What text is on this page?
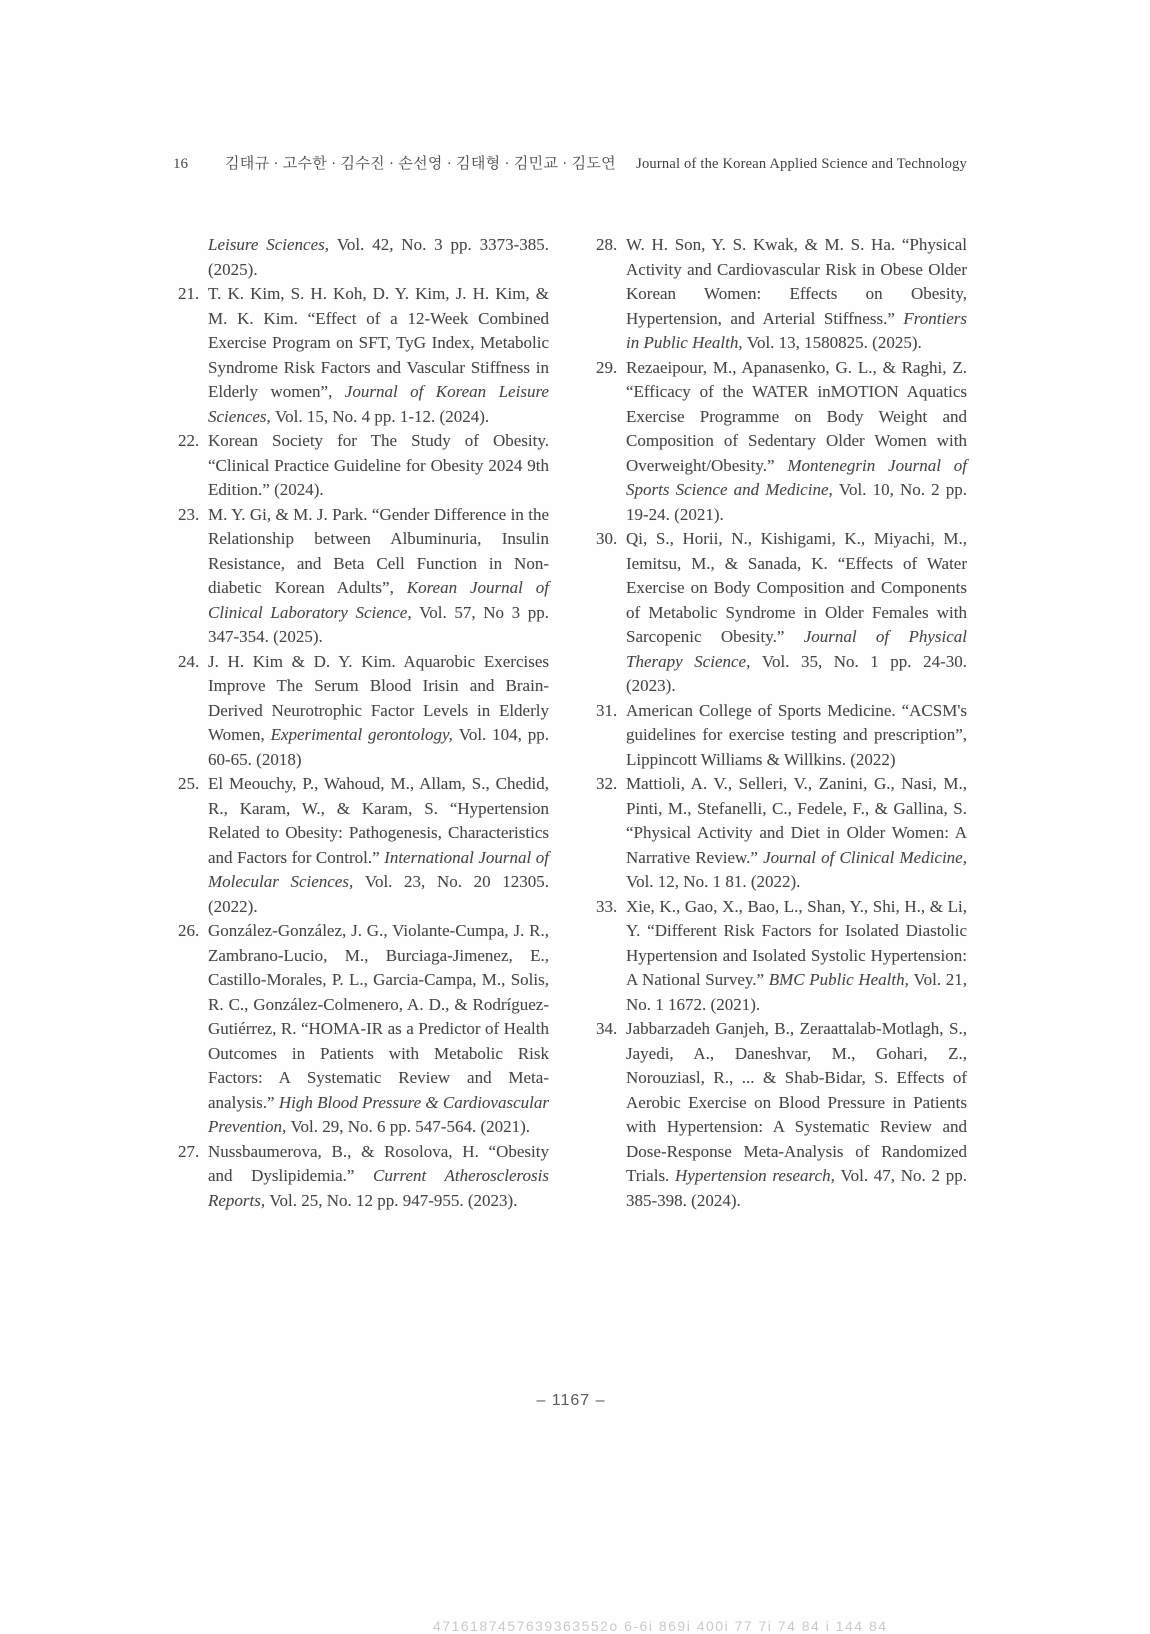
16 김태규 · 고수한 · 김수진 · 손선영 · 김태형 · 김민교 · 김도연 Journal of the Korean Applied Science and Technology
Leisure Sciences, Vol. 42, No. 3 pp. 3373-385. (2025).
21. T. K. Kim, S. H. Koh, D. Y. Kim, J. H. Kim, & M. K. Kim. “Effect of a 12-Week Combined Exercise Program on SFT, TyG Index, Metabolic Syndrome Risk Factors and Vascular Stiffness in Elderly women”, Journal of Korean Leisure Sciences, Vol. 15, No. 4 pp. 1-12. (2024).
22. Korean Society for The Study of Obesity. “Clinical Practice Guideline for Obesity 2024 9th Edition.” (2024).
23. M. Y. Gi, & M. J. Park. “Gender Difference in the Relationship between Albuminuria, Insulin Resistance, and Beta Cell Function in Non-diabetic Korean Adults”, Korean Journal of Clinical Laboratory Science, Vol. 57, No 3 pp. 347-354. (2025).
24. J. H. Kim & D. Y. Kim. Aquarobic Exercises Improve The Serum Blood Irisin and Brain-Derived Neurotrophic Factor Levels in Elderly Women, Experimental gerontology, Vol. 104, pp. 60-65. (2018)
25. El Meouchy, P., Wahoud, M., Allam, S., Chedid, R., Karam, W., & Karam, S. “Hypertension Related to Obesity: Pathogenesis, Characteristics and Factors for Control.” International Journal of Molecular Sciences, Vol. 23, No. 20 12305. (2022).
26. González-González, J. G., Violante-Cumpa, J. R., Zambrano-Lucio, M., Burciaga-Jimenez, E., Castillo-Morales, P. L., Garcia-Campa, M., Solis, R. C., González-Colmenero, A. D., & Rodríguez-Gutiérrez, R. “HOMA-IR as a Predictor of Health Outcomes in Patients with Metabolic Risk Factors: A Systematic Review and Meta-analysis.” High Blood Pressure & Cardiovascular Prevention, Vol. 29, No. 6 pp. 547-564. (2021).
27. Nussbaumerova, B., & Rosolova, H. “Obesity and Dyslipidemia.” Current Atherosclerosis Reports, Vol. 25, No. 12 pp. 947-955. (2023).
28. W. H. Son, Y. S. Kwak, & M. S. Ha. “Physical Activity and Cardiovascular Risk in Obese Older Korean Women: Effects on Obesity, Hypertension, and Arterial Stiffness.” Frontiers in Public Health, Vol. 13, 1580825. (2025).
29. Rezaeipour, M., Apanasenko, G. L., & Raghi, Z. “Efficacy of the WATER inMOTION Aquatics Exercise Programme on Body Weight and Composition of Sedentary Older Women with Overweight/Obesity.” Montenegrin Journal of Sports Science and Medicine, Vol. 10, No. 2 pp. 19-24. (2021).
30. Qi, S., Horii, N., Kishigami, K., Miyachi, M., Iemitsu, M., & Sanada, K. “Effects of Water Exercise on Body Composition and Components of Metabolic Syndrome in Older Females with Sarcopenic Obesity.” Journal of Physical Therapy Science, Vol. 35, No. 1 pp. 24-30. (2023).
31. American College of Sports Medicine. “ACSM's guidelines for exercise testing and prescription”, Lippincott Williams & Willkins. (2022)
32. Mattioli, A. V., Selleri, V., Zanini, G., Nasi, M., Pinti, M., Stefanelli, C., Fedele, F., & Gallina, S. “Physical Activity and Diet in Older Women: A Narrative Review.” Journal of Clinical Medicine, Vol. 12, No. 1 81. (2022).
33. Xie, K., Gao, X., Bao, L., Shan, Y., Shi, H., & Li, Y. “Different Risk Factors for Isolated Diastolic Hypertension and Isolated Systolic Hypertension: A National Survey.” BMC Public Health, Vol. 21, No. 1 1672. (2021).
34. Jabbarzadeh Ganjeh, B., Zeraattalab-Motlagh, S., Jayedi, A., Daneshvar, M., Gohari, Z., Norouziasl, R., ... & Shab-Bidar, S. Effects of Aerobic Exercise on Blood Pressure in Patients with Hypertension: A Systematic Review and Dose-Response Meta-Analysis of Randomized Trials. Hypertension research, Vol. 47, No. 2 pp. 385-398. (2024).
– 1167 –
4716187457639363552o 6-6i 869i 400i 77 7i 74 84 i 144 84
